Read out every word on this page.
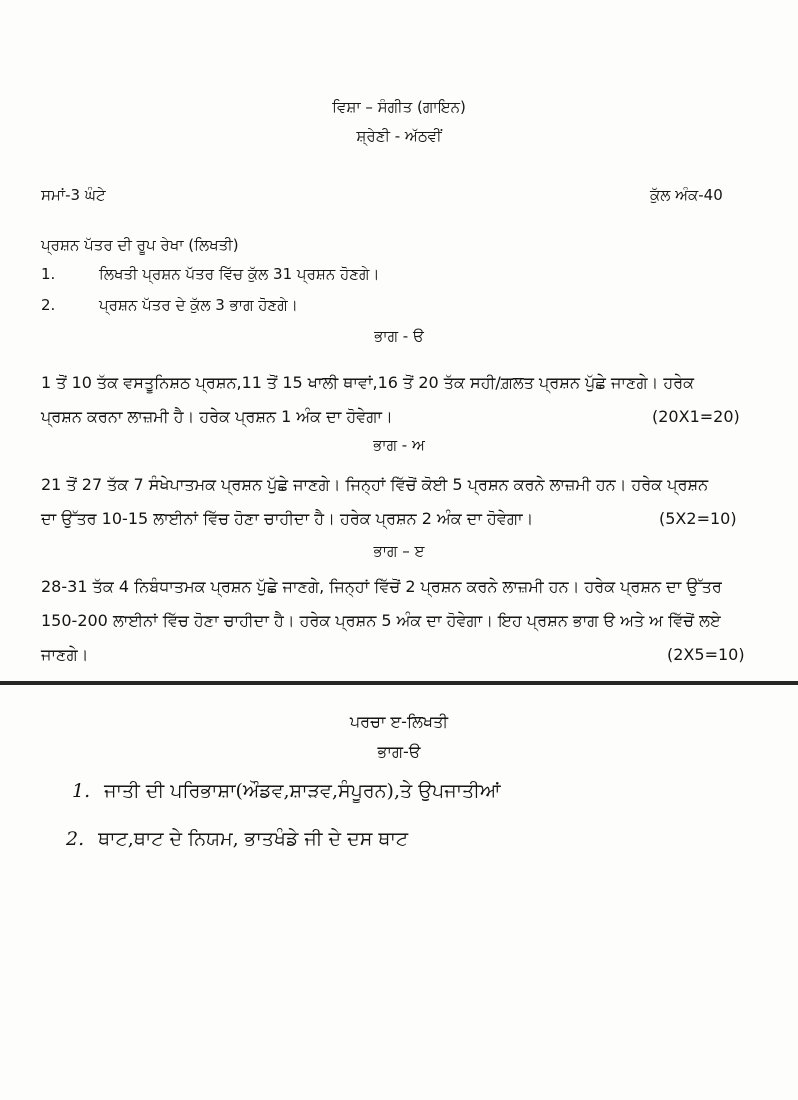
ਵਿਸ਼ਾ – ਸੰਗੀਤ (ਗਾਇਨ)
ਸ਼੍ਰੇਣੀ - ਅੱਠਵੀਂ
ਸਮਾਂ-3 ਘੰਟੇ	ਕੁੱਲ ਅੰਕ-40
ਪ੍ਰਸ਼ਨ ਪੱਤਰ ਦੀ ਰੂਪ ਰੇਖਾ (ਲਿਖਤੀ)
1.	ਲਿਖਤੀ ਪ੍ਰਸ਼ਨ ਪੱਤਰ ਵਿੱਚ ਕੁੱਲ 31 ਪ੍ਰਸ਼ਨ ਹੋਣਗੇ।
2.	ਪ੍ਰਸ਼ਨ ਪੱਤਰ ਦੇ ਕੁੱਲ 3 ਭਾਗ ਹੋਣਗੇ।
ਭਾਗ - ੳ
1 ਤੋਂ 10 ਤੱਕ ਵਸਤੂਨਿਸ਼ਠ ਪ੍ਰਸ਼ਨ,11 ਤੋਂ 15 ਖਾਲੀ ਥਾਵਾਂ,16 ਤੋਂ 20 ਤੱਕ ਸਹੀ/ਗ਼ਲਤ ਪ੍ਰਸ਼ਨ ਪੁੱਛੇ ਜਾਣਗੇ। ਹਰੇਕ
ਪ੍ਰਸ਼ਨ ਕਰਨਾ ਲਾਜ਼ਮੀ ਹੈ। ਹਰੇਕ ਪ੍ਰਸ਼ਨ 1 ਅੰਕ ਦਾ ਹੋਵੇਗਾ।	(20X1=20)
ਭਾਗ - ਅ
21 ਤੋਂ 27 ਤੱਕ 7 ਸੰਖੇਪਾਤਮਕ ਪ੍ਰਸ਼ਨ ਪੁੱਛੇ ਜਾਣਗੇ। ਜਿਨ੍ਹਾਂ ਵਿੱਚੋਂ ਕੋਈ 5 ਪ੍ਰਸ਼ਨ ਕਰਨੇ ਲਾਜ਼ਮੀ ਹਨ। ਹਰੇਕ ਪ੍ਰਸ਼ਨ
ਦਾ ਉੱਤਰ 10-15 ਲਾਈਨਾਂ ਵਿੱਚ ਹੋਣਾ ਚਾਹੀਦਾ ਹੈ। ਹਰੇਕ ਪ੍ਰਸ਼ਨ 2 ਅੰਕ ਦਾ ਹੋਵੇਗਾ।	(5X2=10)
ਭਾਗ – ੲ
28-31 ਤੱਕ 4 ਨਿਬੰਧਾਤਮਕ ਪ੍ਰਸ਼ਨ ਪੁੱਛੇ ਜਾਣਗੇ, ਜਿਨ੍ਹਾਂ ਵਿੱਚੋਂ 2 ਪ੍ਰਸ਼ਨ ਕਰਨੇ ਲਾਜ਼ਮੀ ਹਨ। ਹਰੇਕ ਪ੍ਰਸ਼ਨ ਦਾ ਉੱਤਰ
150-200 ਲਾਈਨਾਂ ਵਿੱਚ ਹੋਣਾ ਚਾਹੀਦਾ ਹੈ। ਹਰੇਕ ਪ੍ਰਸ਼ਨ 5 ਅੰਕ ਦਾ ਹੋਵੇਗਾ। ਇਹ ਪ੍ਰਸ਼ਨ ਭਾਗ ੳ ਅਤੇ ਅ ਵਿੱਚੋਂ ਲਏ
ਜਾਣਗੇ।	(2X5=10)
ਪਰਚਾ ੲ-ਲਿਖਤੀ
ਭਾਗ-ੳ
1. ਜਾਤੀ ਦੀ ਪਰਿਭਾਸ਼ਾ(ਔਡਵ,ਸ਼ਾੜਵ,ਸੰਪੂਰਨ),ਤੇ ਉਪਜਾਤੀਆਂ
2. ਥਾਟ,ਥਾਟ ਦੇ ਨਿਯਮ, ਭਾਤਖੰਡੇ ਜੀ ਦੇ ਦਸ ਥਾਟ
